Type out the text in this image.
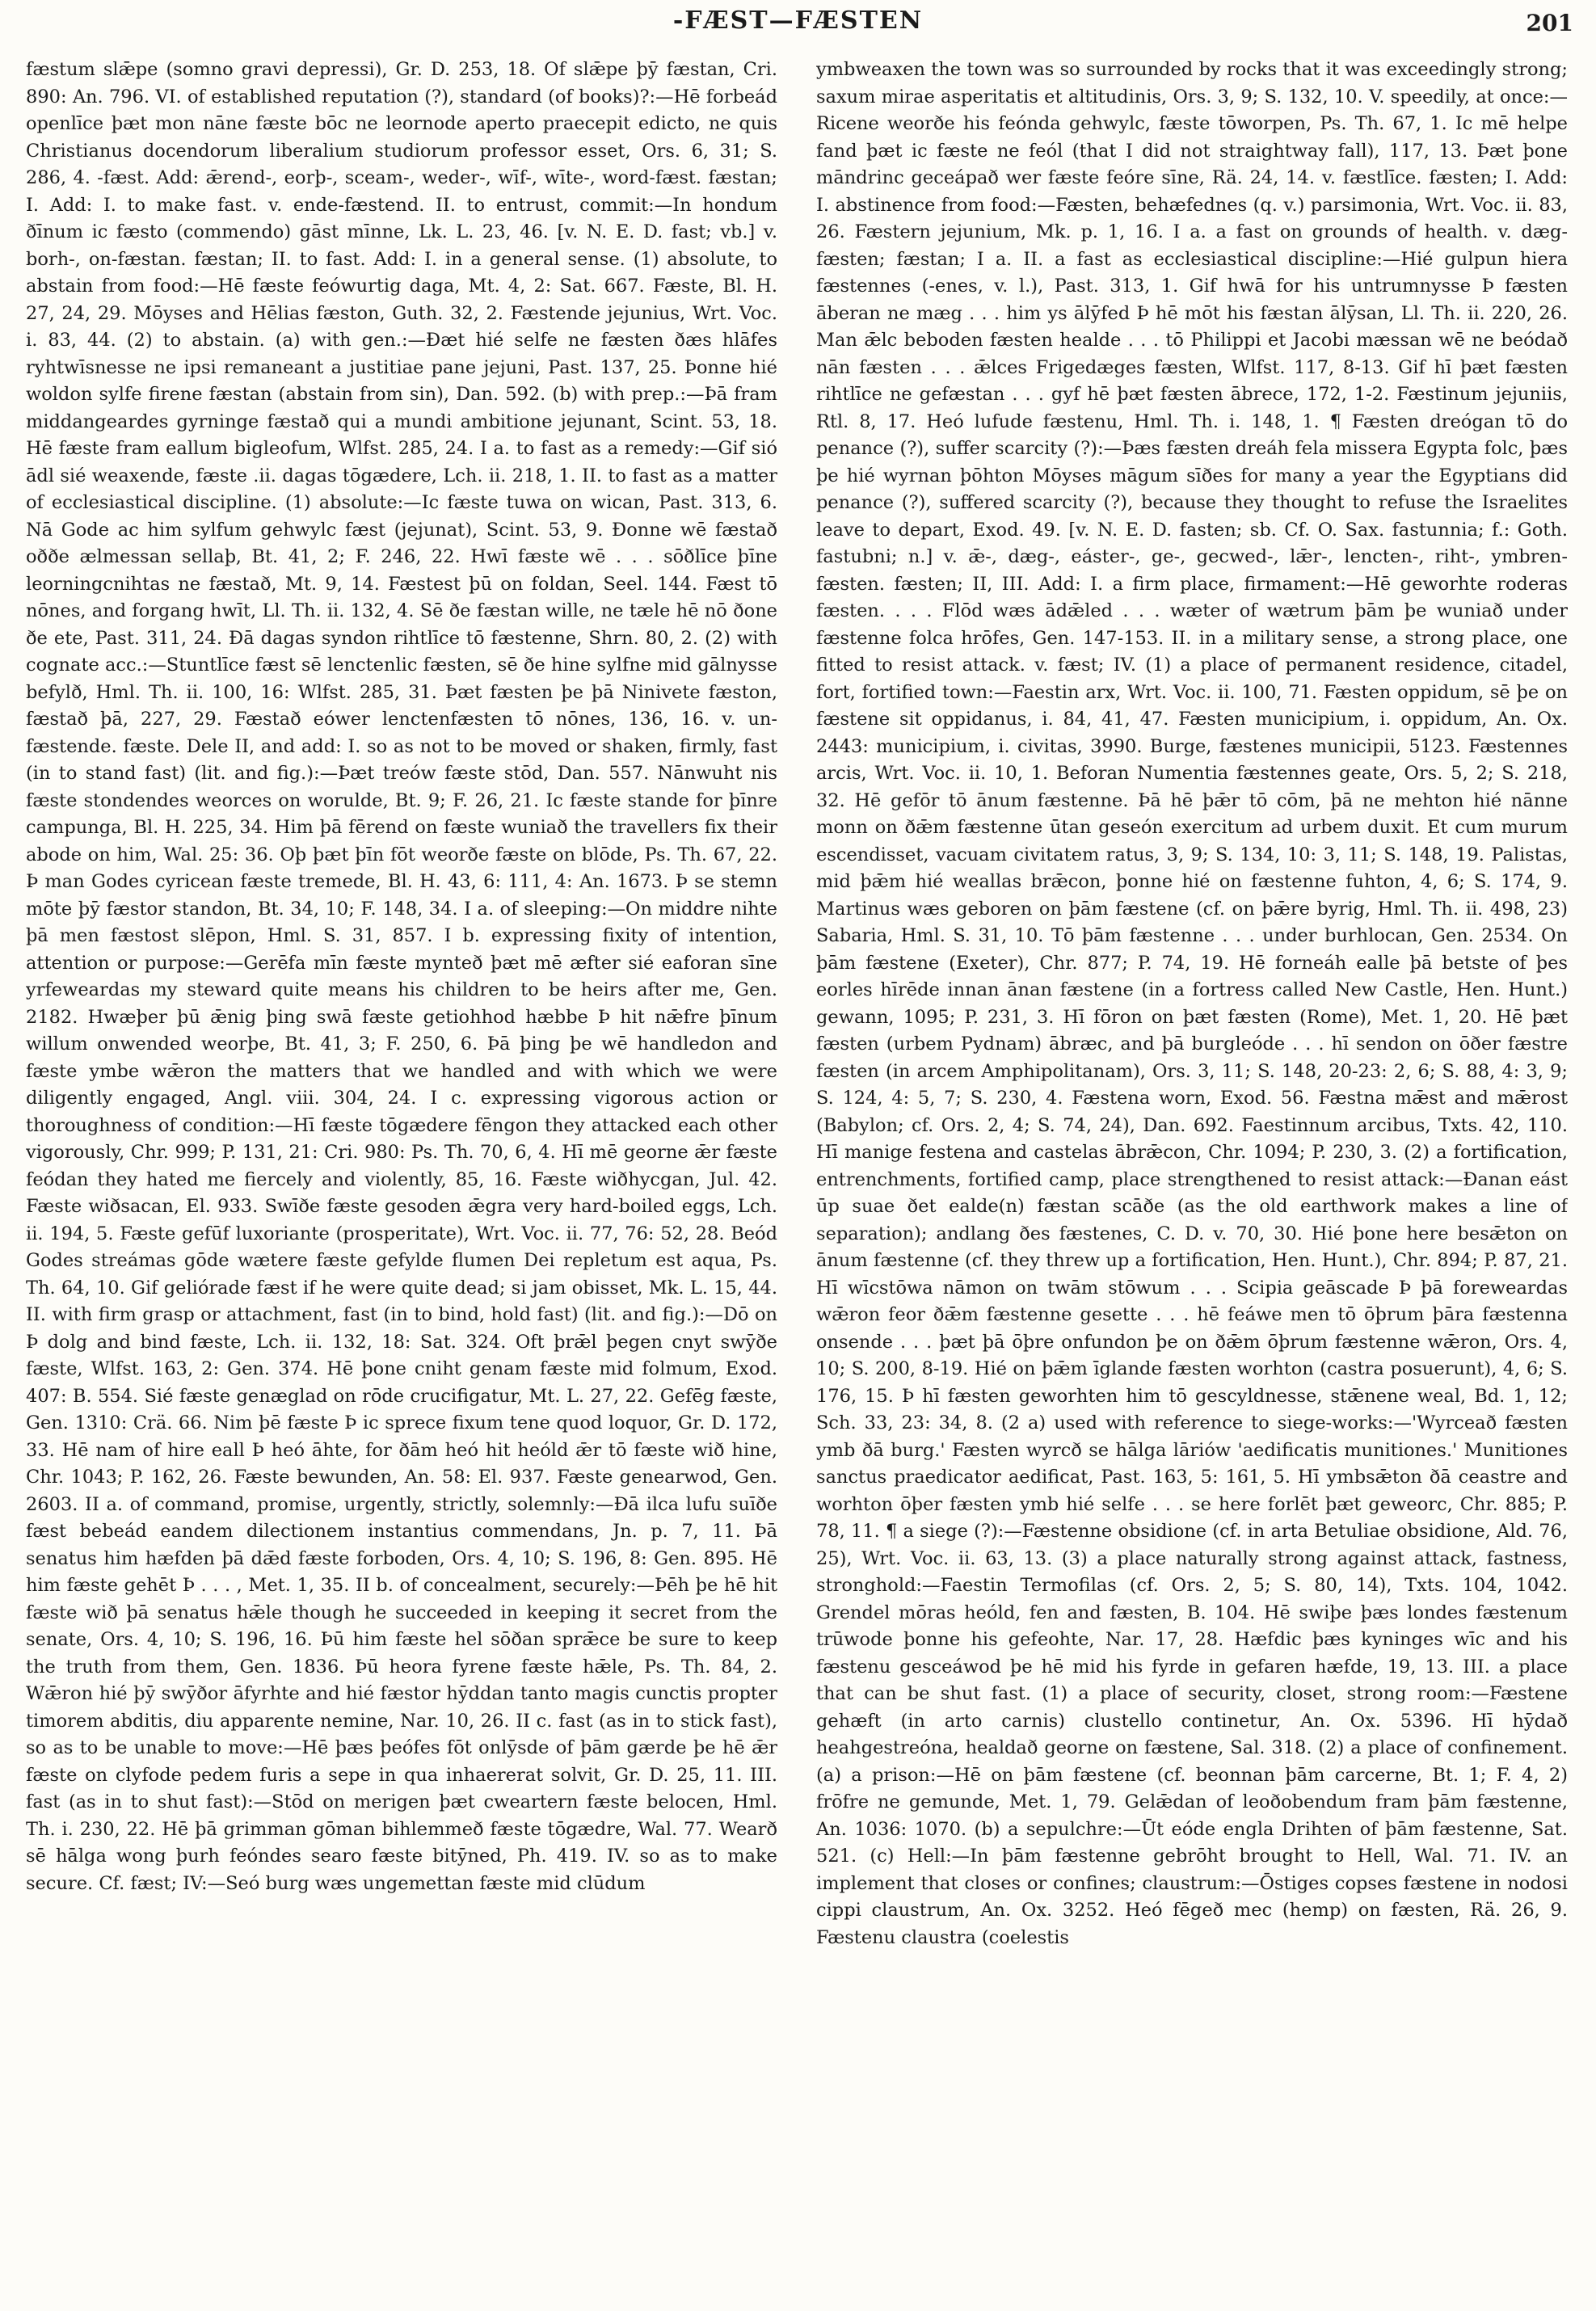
-FÆST—FÆSTEN	201

fæstum slǣpe (somno gravi depressi), Gr. D. 253, 18. Of slǣpe þȳ fæstan, Cri. 890: An. 796. VI. of established reputation (?), standard (of books)?:—Hē forbeád openlīce þæt mon nāne fæste bōc ne leornode aperto praecepit edicto, ne quis Christianus docendorum liberalium studiorum professor esset, Ors. 6, 31; S. 286, 4. -fæst. Add: ǣrend-, eorþ-, sceam-, weder-, wīf-, wīte-, word-fæst. fæstan; I. Add: I. to make fast. v. ende-fæstend. II. to entrust, commit:—In hondum ðīnum ic fæsto (commendo) gāst mīnne, Lk. L. 23, 46. [v. N. E. D. fast; vb.] v. borh-, on-fæstan. fæstan; II. to fast. Add: I. in a general sense. (1) absolute, to abstain from food:—Hē fæste feówurtig daga, Mt. 4, 2: Sat. 667. Fæste, Bl. H. 27, 24, 29. Mōyses and Hēlias fæston, Guth. 32, 2. Fæstende jejunius, Wrt. Voc. i. 83, 44. (2) to abstain. (a) with gen.:—Ðæt hié selfe ne fæsten ðæs hlāfes ryhtwīsnesse ne ipsi remaneant a justitiae pane jejuni, Past. 137, 25. Þonne hié woldon sylfe firene fæstan (abstain from sin), Dan. 592. (b) with prep.:—Þā fram middangeardes gyrninge fæstað qui a mundi ambitione jejunant, Scint. 53, 18. Hē fæste fram eallum bigleofum, Wlfst. 285, 24. I a. to fast as a remedy:—Gif sió ādl sié weaxende, fæste .ii. dagas tōgædere, Lch. ii. 218, 1. II. to fast as a matter of ecclesiastical discipline. (1) absolute:—Ic fæste tuwa on wican, Past. 313, 6. Nā Gode ac him sylfum gehwylc fæst (jejunat), Scint. 53, 9. Ðonne wē fæstað oððe ælmessan sellaþ, Bt. 41, 2; F. 246, 22. Hwī fæste wē . . . sōðlīce þīne leorningcnihtas ne fæstað, Mt. 9, 14. Fæstest þū on foldan, Seel. 144. Fæst tō nōnes, and forgang hwīt, Ll. Th. ii. 132, 4. Sē ðe fæstan wille, ne tæle hē nō ðone ðe ete, Past. 311, 24. Ðā dagas syndon rihtlīce tō fæstenne, Shrn. 80, 2. (2) with cognate acc.:—Stuntlīce fæst sē lenctenlic fæsten, sē ðe hine sylfne mid gālnysse befylð, Hml. Th. ii. 100, 16: Wlfst. 285, 31. Þæt fæsten þe þā Ninivete fæston, fæstað þā, 227, 29. Fæstað eówer lenctenfæsten tō nōnes, 136, 16. v. un-fæstende. fæste. Dele II, and add: I. so as not to be moved or shaken, firmly, fast (in to stand fast) (lit. and fig.):—Þæt treów fæste stōd, Dan. 557. Nānwuht nis fæste stondendes weorces on woruldе, Bt. 9; F. 26, 21. Ic fæste stande for þīnre campunga, Bl. H. 225, 34. Him þā fērend on fæste wuniað the travellers fix their abode on him, Wal. 25: 36. Oþ þæt þīn fōt weorðe fæste on blōde, Ps. Th. 67, 22. Þ man Godes cyricean fæste tremede, Bl. H. 43, 6: 111, 4: An. 1673. Þ se stemn mōte þȳ fæstor standon, Bt. 34, 10; F. 148, 34. I a. of sleeping:—On middre nihte þā men fæstost slēpon, Hml. S. 31, 857. I b. expressing fixity of intention, attention or purpose:—Gerēfa mīn fæste mynteð þæt mē æfter sié eaforan sīne yrfeweardas my steward quite means his children to be heirs after me, Gen. 2182. Hwæþer þū ǣnig þing swā fæste getiohhod hæbbe Þ hit nǣfre þīnum willum onwended weorþe, Bt. 41, 3; F. 250, 6. Þā þing þe wē handledon and fæste ymbe wǣron the matters that we handled and with which we were diligently engaged, Angl. viii. 304, 24. I c. expressing vigorous action or thoroughness of condition:—Hī fæste tōgædere fēngon they attacked each other vigorously, Chr. 999; P. 131, 21: Cri. 980: Ps. Th. 70, 6, 4. Hī mē georne ǣr fæste feódan they hated me fiercely and violently, 85, 16. Fæste wiðhycgan, Jul. 42. Fæste wiðsacan, El. 933. Swīðe fæste gesoden ǣgra very hard-boiled eggs, Lch. ii. 194, 5. Fæste gefūf luxoriante (prosperitate), Wrt. Voc. ii. 77, 76: 52, 28. Beód Godes streámas gōde wætere fæste gefylde flumen Dei repletum est aqua, Ps. Th. 64, 10. Gif geliórade fæst if he were quite dead; si jam obisset, Mk. L. 15, 44. II. with firm grasp or attachment, fast (in to bind, hold fast) (lit. and fig.):—Dō on Þ dolg and bind fæste, Lch. ii. 132, 18: Sat. 324. Oft þrǣl þegen cnyt swȳðe fæste, Wlfst. 163, 2: Gen. 374. Hē þone cniht genam fæste mid folmum, Exod. 407: B. 554. Sié fæste genæglad on rōde crucifigatur, Mt. L. 27, 22. Gefēg fæste, Gen. 1310: Crä. 66. Nim þē fæste Þ ic sprece fixum tene quod loquor, Gr. D. 172, 33. Hē nam of hire eall Þ heó āhte, for ðām heó hit heóld ǣr tō fæste wið hine, Chr. 1043; P. 162, 26. Fæste bewunden, An. 58: El. 937. Fæste genearwod, Gen. 2603. II a. of command, promise, urgently, strictly, solemnly:—Ðā ilca lufu suīðe fæst bebeád eandem dilectionem instantius commendans, Jn. p. 7, 11. Þā senatus him hæfden þā dǣd fæste forboden, Ors. 4, 10; S. 196, 8: Gen. 895. Hē him fæste gehēt Þ . . . , Met. 1, 35. II b. of concealment, securely:—Þēh þe hē hit fæste wið þā senatus hǣle though he succeeded in keeping it secret from the senate, Ors. 4, 10; S. 196, 16. Þū him fæste hel sōðan sprǣce be sure to keep the truth from them, Gen. 1836. Þū heora fyrene fæste hǣle, Ps. Th. 84, 2. Wǣron hié þȳ swȳðor āfyrhte and hié fæstor hȳddan tanto magis cunctis propter timorem abditis, diu apparente nemine, Nar. 10, 26. II c. fast (as in to stick fast), so as to be unable to move:—Hē þæs þeófes fōt onlȳsde of þām gærde þe hē ǣr fæste on clyfode pedem furis a sepe in qua inhaererat solvit, Gr. D. 25, 11. III. fast (as in to shut fast):—Stōd on merigen þæt cweartern fæste belocen, Hml. Th. i. 230, 22. Hē þā grimman gōman bihlemmeð fæste tōgædre, Wal. 77. Wearð sē hālga wong þurh feóndes searo fæste bitȳned, Ph. 419. IV. so as to make secure. Cf. fæst; IV:—Seó burg wæs ungemettan fæste mid clūdum

ymbweaxen the town was so surrounded by rocks that it was exceedingly strong; saxum mirae asperitatis et altitudinis, Ors. 3, 9; S. 132, 10. V. speedily, at once:—Ricene weorðe his feónda gehwylc, fæste tōworpen, Ps. Th. 67, 1. Ic mē helpe fand þæt ic fæste ne feól (that I did not straightway fall), 117, 13. Þæt þone māndrinc geceápað wer fæste feóre sīne, Rä. 24, 14. v. fæstlīce. fæsten; I. Add: I. abstinence from food:—Fæsten, behæfednes (q. v.) parsimonia, Wrt. Voc. ii. 83, 26. Fæstern jejunium, Mk. p. 1, 16. I a. a fast on grounds of health. v. dæg-fæsten; fæstan; I a. II. a fast as ecclesiastical discipline:—Hié gulpun hiera fæstennes (-enes, v. l.), Past. 313, 1. Gif hwā for his untrumnysse Þ fæsten āberan ne mæg . . . him ys ālȳfed Þ hē mōt his fæstan ālȳsan, Ll. Th. ii. 220, 26. Man ǣlc beboden fæsten healde . . . tō Philippi et Jacobi mæssan wē ne beódað nān fæsten . . . ǣlces Frigedæges fæsten, Wlfst. 117, 8-13. Gif hī þæt fæsten rihtlīce ne gefæstan . . . gyf hē þæt fæsten ābrece, 172, 1-2. Fæstinum jejuniis, Rtl. 8, 17. Heó lufude fæstenu, Hml. Th. i. 148, 1. ¶ Fæsten dreógan tō do penance (?), suffer scarcity (?):—Þæs fæsten dreáh fela missera Egypta folc, þæs þe hié wyrnan þōhton Mōyses māgum sīðes for many a year the Egyptians did penance (?), suffered scarcity (?), because they thought to refuse the Israelites leave to depart, Exod. 49. [v. N. E. D. fasten; sb. Cf. O. Sax. fastunnia; f.: Goth. fastubni; n.] v. ǣ-, dæg-, eáster-, ge-, gecwed-, lǣr-, lencten-, riht-, ymbren-fæsten. fæsten; II, III. Add: I. a firm place, firmament:—Hē geworhte roderas fæsten. . . . Flōd wæs ādǣled . . . wæter of wætrum þām þe wuniað under fæstenne folca hrōfes, Gen. 147-153. II. in a military sense, a strong place, one fitted to resist attack. v. fæst; IV. (1) a place of permanent residence, citadel, fort, fortified town:—Faestin arx, Wrt. Voc. ii. 100, 71. Fæsten oppidum, sē þe on fæstene sit oppidanus, i. 84, 41, 47. Fæsten municipium, i. oppidum, An. Ox. 2443: municipium, i. civitas, 3990. Burge, fæstenes municipii, 5123. Fæstennes arcis, Wrt. Voc. ii. 10, 1. Beforan Numentia fæstennes geate, Ors. 5, 2; S. 218, 32. Hē gefōr tō ānum fæstenne. Þā hē þǣr tō cōm, þā ne mehton hié nānne monn on ðǣm fæstenne ūtan geseón exercitum ad urbem duxit. Et cum murum escendisset, vacuam civitatem ratus, 3, 9; S. 134, 10: 3, 11; S. 148, 19. Palistas, mid þǣm hié weallas brǣcon, þonne hié on fæstenne fuhton, 4, 6; S. 174, 9. Martinus wæs geboren on þām fæstene (cf. on þǣre byrig, Hml. Th. ii. 498, 23) Sabaria, Hml. S. 31, 10. Tō þām fæstenne . . . under burhlocan, Gen. 2534. On þām fæstene (Exeter), Chr. 877; P. 74, 19. Hē forneáh ealle þā betste of þes eorles hīrēde innan ānan fæstene (in a fortress called New Castle, Hen. Hunt.) gewann, 1095; P. 231, 3. Hī fōron on þæt fæsten (Rome), Met. 1, 20. Hē þæt fæsten (urbem Pydnam) ābræc, and þā burgleóde . . . hī sendon on ōðer fæstre fæsten (in arcem Amphipolitanam), Ors. 3, 11; S. 148, 20-23: 2, 6; S. 88, 4: 3, 9; S. 124, 4: 5, 7; S. 230, 4. Fæstena worn, Exod. 56. Fæstna mǣst and mǣrost (Babylon; cf. Ors. 2, 4; S. 74, 24), Dan. 692. Faestinnum arcibus, Txts. 42, 110. Hī manige festena and castelas ābrǣcon, Chr. 1094; P. 230, 3. (2) a fortification, entrenchments, fortified camp, place strengthened to resist attack:—Ðanan eást ūp suae ðet ealde(n) fæstan scāðe (as the old earthwork makes a line of separation); andlang ðes fæstenes, C. D. v. 70, 30. Hié þone here besǣton on ānum fæstenne (cf. they threw up a fortification, Hen. Hunt.), Chr. 894; P. 87, 21. Hī wīcstōwa nāmon on twām stōwum . . . Scipia geāscade Þ þā foreweardas wǣron feor ðǣm fæstenne gesette . . . hē feáwe men tō ōþrum þāra fæstenna onsende . . . þæt þā ōþre onfundon þe on ðǣm ōþrum fæstenne wǣron, Ors. 4, 10; S. 200, 8-19. Hié on þǣm īglande fæsten worhton (castra posuerunt), 4, 6; S. 176, 15. Þ hī fæsten geworhten him tō gescyldnesse, stǣnene weal, Bd. 1, 12; Sch. 33, 23: 34, 8. (2 a) used with reference to siege-works:—'Wyrceað fæsten ymb ðā burg.' Fæsten wyrcð se hālga lāriów 'aedificatis munitiones.' Munitiones sanctus praedicator aedificat, Past. 163, 5: 161, 5. Hī ymbsǣton ðā ceastre and worhton ōþer fæsten ymb hié selfe . . . se here forlēt þæt geweorc, Chr. 885; P. 78, 11. ¶ a siege (?):—Fæstenne obsidione (cf. in arta Betuliae obsidione, Ald. 76, 25), Wrt. Voc. ii. 63, 13. (3) a place naturally strong against attack, fastness, stronghold:—Faestin Termofilas (cf. Ors. 2, 5; S. 80, 14), Txts. 104, 1042. Grendel mōras heóld, fen and fæsten, B. 104. Hē swiþe þæs londes fæstenum trūwode þonne his gefeohte, Nar. 17, 28. Hæfdic þæs kyninges wīc and his fæstenu gesceáwod þe hē mid his fyrde in gefaren hæfde, 19, 13. III. a place that can be shut fast. (1) a place of security, closet, strong room:—Fæstene gehæft (in arto carnis) clustello continetur, An. Ox. 5396. Hī hȳdað heahgestreóna, healdað georne on fæstene, Sal. 318. (2) a place of confinement. (a) a prison:—Hē on þām fæstene (cf. beonnan þām carcerne, Bt. 1; F. 4, 2) frōfre ne gemunde, Met. 1, 79. Gelǣdan of leoðobendum fram þām fæstenne, An. 1036: 1070. (b) a sepulchre:—Ūt eóde engla Drihten of þām fæstenne, Sat. 521. (c) Hell:—In þām fæstenne gebrōht brought to Hell, Wal. 71. IV. an implement that closes or confines; claustrum:—Ōstiges copses fæstene in nodosi cippi claustrum, An. Ox. 3252. Heó fēgeð mec (hemp) on fæsten, Rä. 26, 9. Fæstenu claustra (coelestis
